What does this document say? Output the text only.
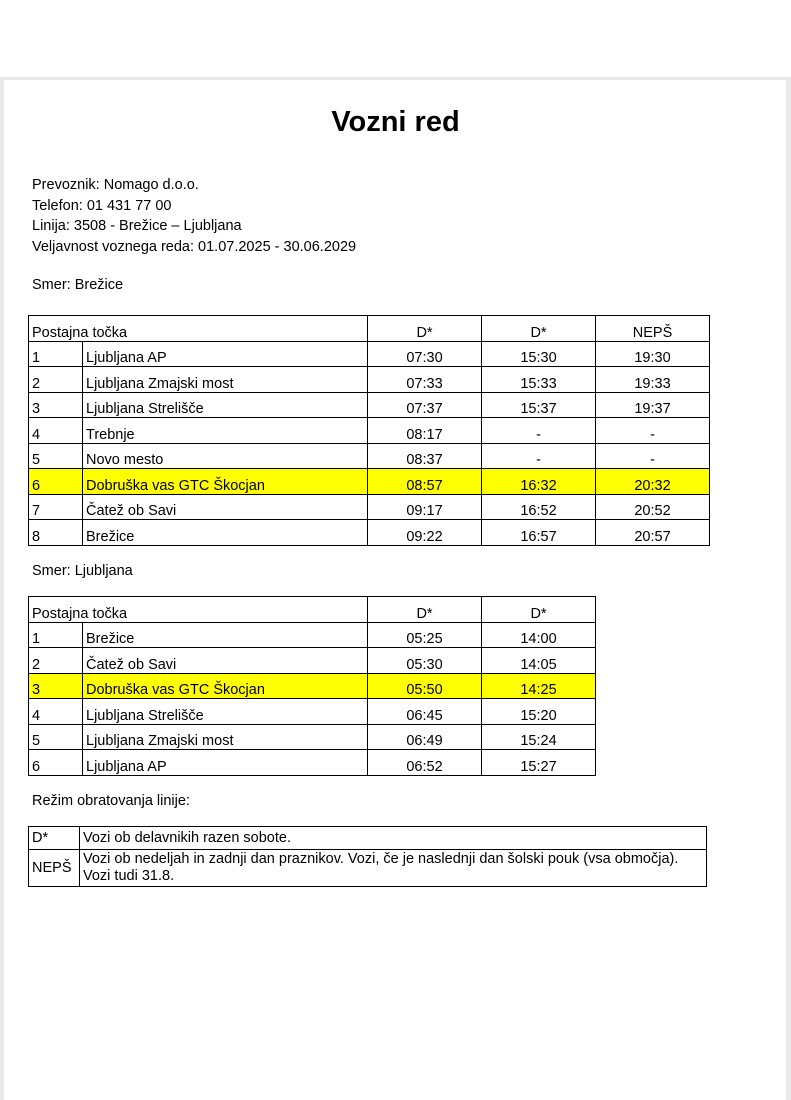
Vozni red
Prevoznik: Nomago d.o.o.
Telefon: 01 431 77 00
Linija: 3508 - Brežice – Ljubljana
Veljavnost voznega reda: 01.07.2025 - 30.06.2029
Smer: Brežice
Postajna točka		D*	D*	NEPŠ
1	Ljubljana AP	07:30	15:30	19:30
2	Ljubljana Zmajski most	07:33	15:33	19:33
3	Ljubljana Strelišče	07:37	15:37	19:37
4	Trebnje	08:17	-	-
5	Novo mesto	08:37	-	-
6	Dobruška vas GTC Škocjan	08:57	16:32	20:32
7	Čatež ob Savi	09:17	16:52	20:52
8	Brežice	09:22	16:57	20:57
Smer: Ljubljana
Postajna točka		D*	D*
1	Brežice	05:25	14:00
2	Čatež ob Savi	05:30	14:05
3	Dobruška vas GTC Škocjan	05:50	14:25
4	Ljubljana Strelišče	06:45	15:20
5	Ljubljana Zmajski most	06:49	15:24
6	Ljubljana AP	06:52	15:27
Režim obratovanja linije:
D*	Vozi ob delavnikih razen sobote.
NEPŠ	Vozi ob nedeljah in zadnji dan praznikov. Vozi, če je naslednji dan šolski pouk (vsa območja). Vozi tudi 31.8.
